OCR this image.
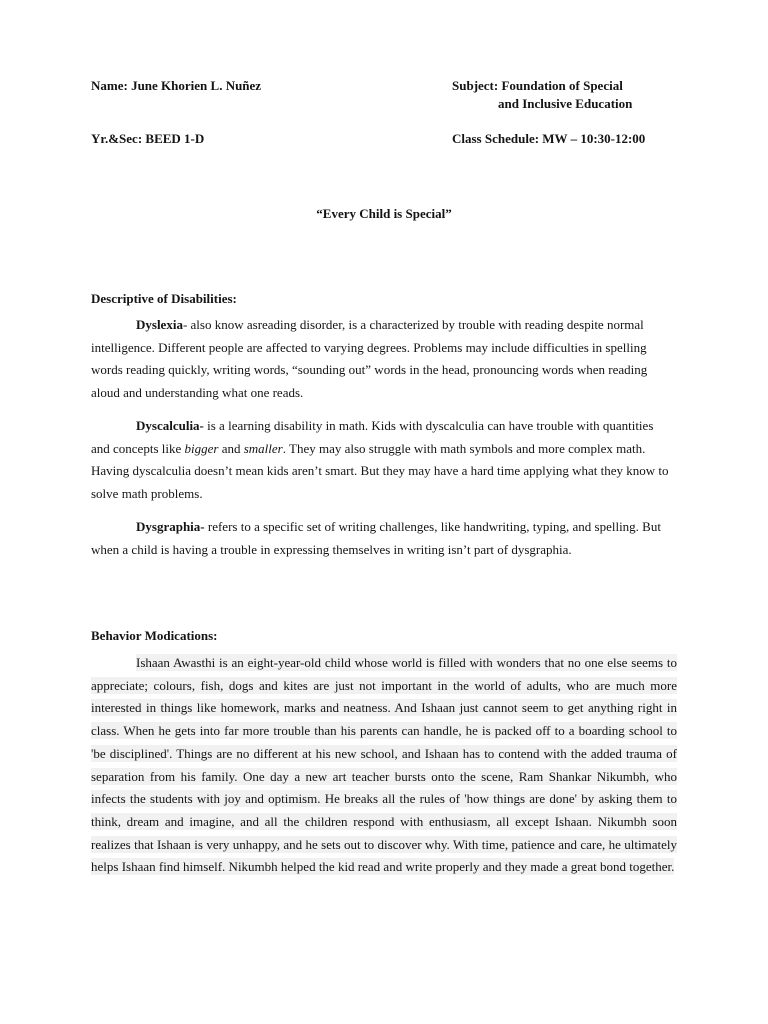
Name: June Khorien L. Nuñez	Subject: Foundation of Special
and Inclusive Education
Yr.&Sec: BEED 1-D	Class Schedule: MW – 10:30-12:00
“Every Child is Special”
Descriptive of Disabilities:

Dyslexia- also know asreading disorder, is a characterized by trouble with reading despite normal intelligence. Different people are affected to varying degrees. Problems may include difficulties in spelling words reading quickly, writing words, “sounding out” words in the head, pronouncing words when reading aloud and understanding what one reads.

Dyscalculia- is a learning disability in math. Kids with dyscalculia can have trouble with quantities and concepts like bigger and smaller. They may also struggle with math symbols and more complex math. Having dyscalculia doesn’t mean kids aren’t smart. But they may have a hard time applying what they know to solve math problems.

Dysgraphia- refers to a specific set of writing challenges, like handwriting, typing, and spelling. But when a child is having a trouble in expressing themselves in writing isn’t part of dysgraphia.

Behavior Modications:

Ishaan Awasthi is an eight-year-old child whose world is filled with wonders that no one else seems to appreciate; colours, fish, dogs and kites are just not important in the world of adults, who are much more interested in things like homework, marks and neatness. And Ishaan just cannot seem to get anything right in class. When he gets into far more trouble than his parents can handle, he is packed off to a boarding school to 'be disciplined'. Things are no different at his new school, and Ishaan has to contend with the added trauma of separation from his family. One day a new art teacher bursts onto the scene, Ram Shankar Nikumbh, who infects the students with joy and optimism. He breaks all the rules of 'how things are done' by asking them to think, dream and imagine, and all the children respond with enthusiasm, all except Ishaan. Nikumbh soon realizes that Ishaan is very unhappy, and he sets out to discover why. With time, patience and care, he ultimately helps Ishaan find himself. Nikumbh helped the kid read and write properly and they made a great bond together.
